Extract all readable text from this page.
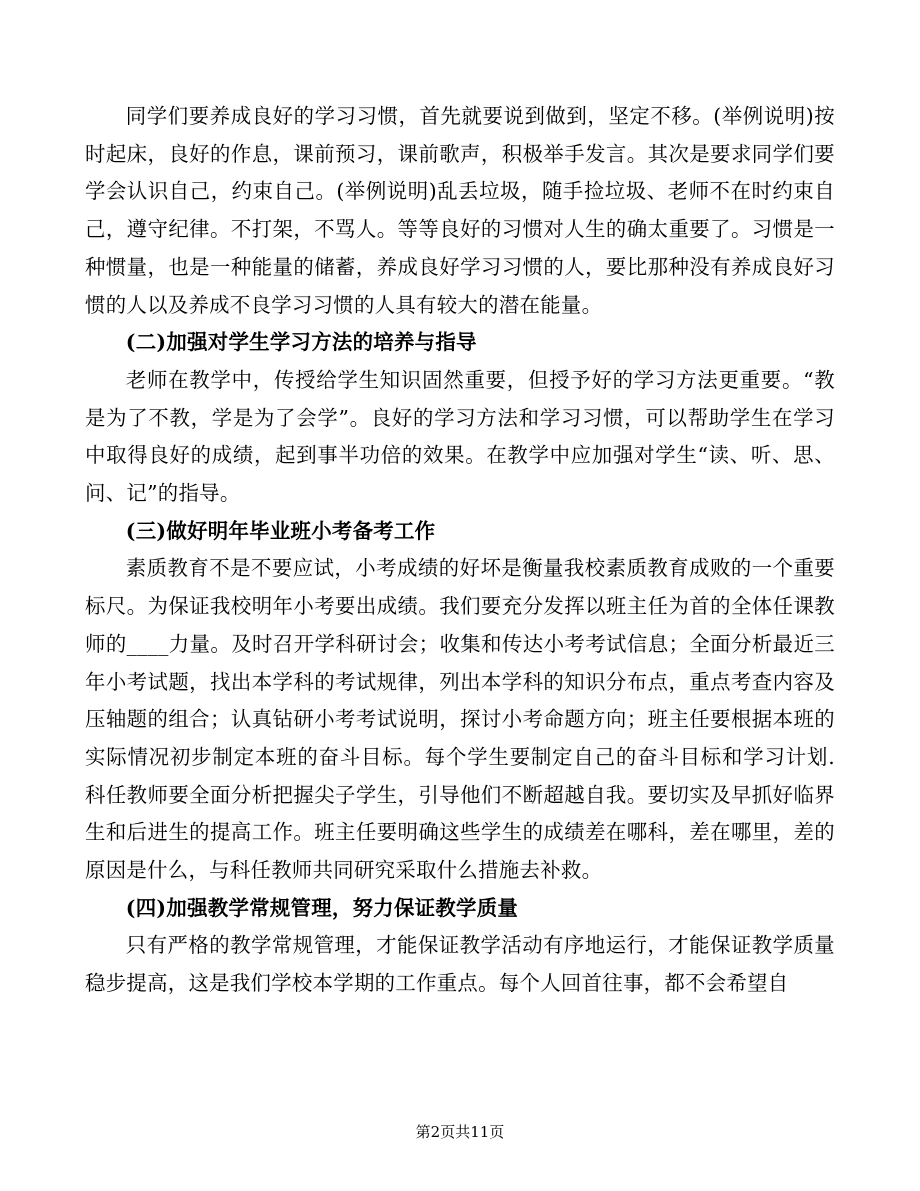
同学们要养成良好的学习习惯，首先就要说到做到，坚定不移。(举例说明)按时起床，良好的作息，课前预习，课前歌声，积极举手发言。其次是要求同学们要学会认识自己，约束自己。(举例说明)乱丢垃圾，随手捡垃圾、老师不在时约束自己，遵守纪律。不打架，不骂人。等等良好的习惯对人生的确太重要了。习惯是一种惯量，也是一种能量的储蓄，养成良好学习习惯的人，要比那种没有养成良好习惯的人以及养成不良学习习惯的人具有较大的潜在能量。

(二)加强对学生学习方法的培养与指导

老师在教学中，传授给学生知识固然重要，但授予好的学习方法更重要。“教是为了不教，学是为了会学”。良好的学习方法和学习习惯，可以帮助学生在学习中取得良好的成绩，起到事半功倍的效果。在教学中应加强对学生“读、听、思、问、记”的指导。

(三)做好明年毕业班小考备考工作

素质教育不是不要应试，小考成绩的好坏是衡量我校素质教育成败的一个重要标尺。为保证我校明年小考要出成绩。我们要充分发挥以班主任为首的全体任课教师的____力量。及时召开学科研讨会；收集和传达小考考试信息；全面分析最近三年小考试题，找出本学科的考试规律，列出本学科的知识分布点，重点考查内容及压轴题的组合；认真钻研小考考试说明，探讨小考命题方向；班主任要根据本班的实际情况初步制定本班的奋斗目标。每个学生要制定自己的奋斗目标和学习计划.科任教师要全面分析把握尖子学生，引导他们不断超越自我。要切实及早抓好临界生和后进生的提高工作。班主任要明确这些学生的成绩差在哪科，差在哪里，差的原因是什么，与科任教师共同研究采取什么措施去补救。

(四)加强教学常规管理，努力保证教学质量

只有严格的教学常规管理，才能保证教学活动有序地运行，才能保证教学质量稳步提高，这是我们学校本学期的工作重点。每个人回首往事，都不会希望自

第2页共11页
